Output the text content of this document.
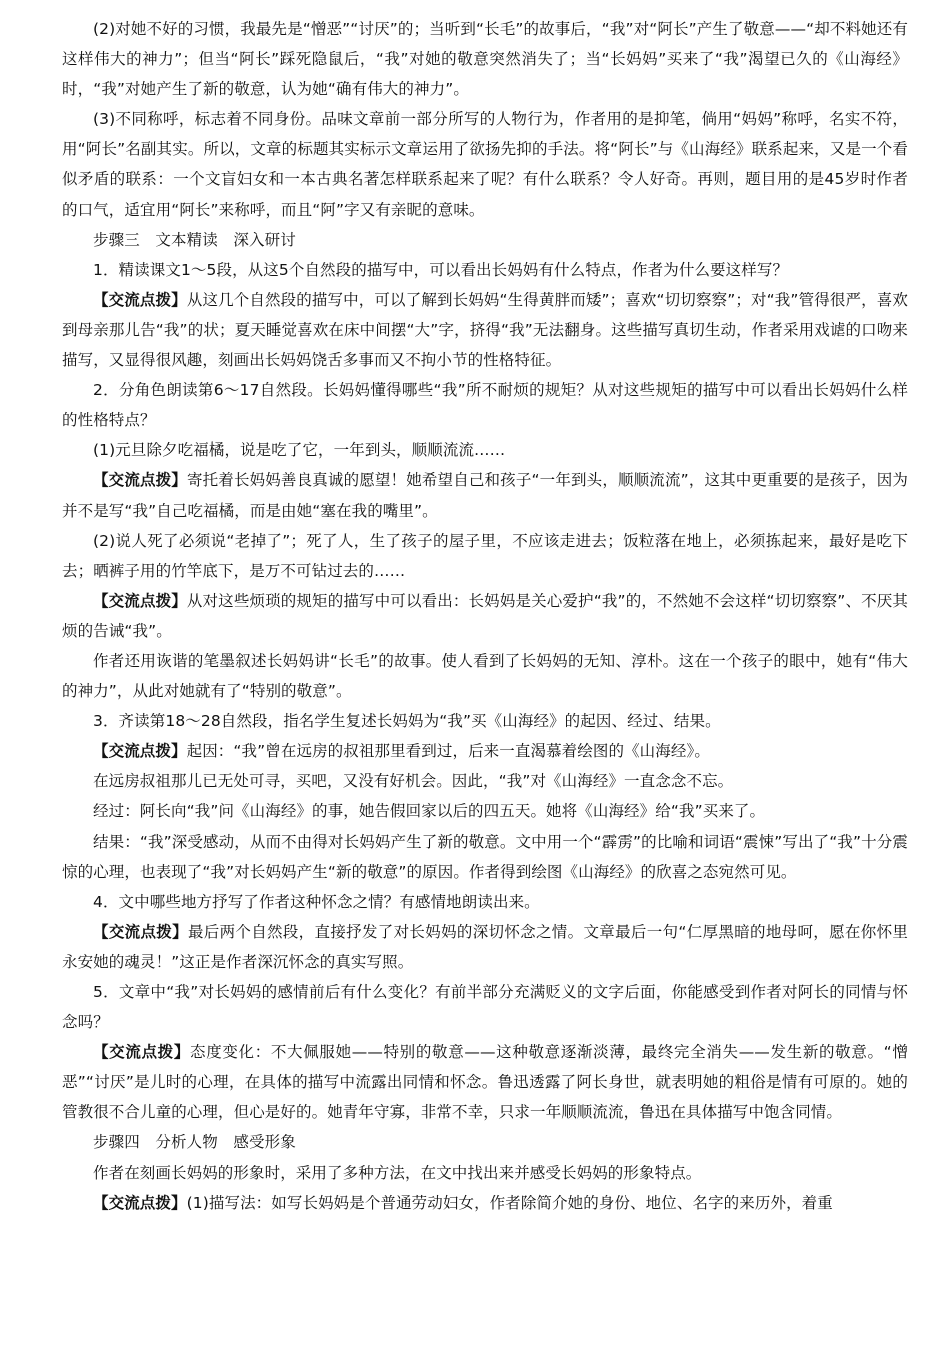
(2)对她不好的习惯，我最先是“憎恶”“讨厌”的；当听到“长毛”的故事后，“我”对“阿长”产生了敬意——“却不料她还有这样伟大的神力”；但当“阿长”踩死隐鼠后，“我”对她的敬意突然消失了；当“长妈妈”买来了“我”渴望已久的《山海经》时，“我”对她产生了新的敬意，认为她“确有伟大的神力”。

(3)不同称呼，标志着不同身份。品味文章前一部分所写的人物行为，作者用的是抑笔，倘用“妈妈”称呼，名实不符，用“阿长”名副其实。所以，文章的标题其实标示文章运用了欲扬先抑的手法。将“阿长”与《山海经》联系起来，又是一个看似矛盾的联系：一个文盲妇女和一本古典名著怎样联系起来了呢？有什么联系？令人好奇。再则，题目用的是45岁时作者的口气，适宜用“阿长”来称呼，而且“阿”字又有亲昵的意味。

步骤三　文本精读　深入研讨

1．精读课文1～5段，从这5个自然段的描写中，可以看出长妈妈有什么特点，作者为什么要这样写？

【交流点拨】从这几个自然段的描写中，可以了解到长妈妈“生得黄胖而矮”；喜欢“切切察察”；对“我”管得很严，喜欢到母亲那儿告“我”的状；夏天睡觉喜欢在床中间摆“大”字，挤得“我”无法翻身。这些描写真切生动，作者采用戏谑的口吻来描写，又显得很风趣，刻画出长妈妈饶舌多事而又不拘小节的性格特征。

2．分角色朗读第6～17自然段。长妈妈懂得哪些“我”所不耐烦的规矩？从对这些规矩的描写中可以看出长妈妈什么样的性格特点？

(1)元旦除夕吃福橘，说是吃了它，一年到头，顺顺流流……

【交流点拨】寄托着长妈妈善良真诚的愿望！她希望自己和孩子“一年到头，顺顺流流”，这其中更重要的是孩子，因为并不是写“我”自己吃福橘，而是由她“塞在我的嘴里”。

(2)说人死了必须说“老掉了”；死了人，生了孩子的屋子里，不应该走进去；饭粒落在地上，必须拣起来，最好是吃下去；晒裤子用的竹竿底下，是万不可钻过去的……

【交流点拨】从对这些烦琐的规矩的描写中可以看出：长妈妈是关心爱护“我”的，不然她不会这样“切切察察”、不厌其烦的告诫“我”。

作者还用诙谐的笔墨叙述长妈妈讲“长毛”的故事。使人看到了长妈妈的无知、淳朴。这在一个孩子的眼中，她有“伟大的神力”，从此对她就有了“特别的敬意”。

3．齐读第18～28自然段，指名学生复述长妈妈为“我”买《山海经》的起因、经过、结果。

【交流点拨】起因：“我”曾在远房的叔祖那里看到过，后来一直渴慕着绘图的《山海经》。

在远房叔祖那儿已无处可寻，买吧，又没有好机会。因此，“我”对《山海经》一直念念不忘。

经过：阿长向“我”问《山海经》的事，她告假回家以后的四五天。她将《山海经》给“我”买来了。

结果：“我”深受感动，从而不由得对长妈妈产生了新的敬意。文中用一个“霹雳”的比喻和词语“震悚”写出了“我”十分震惊的心理，也表现了“我”对长妈妈产生“新的敬意”的原因。作者得到绘图《山海经》的欣喜之态宛然可见。

4．文中哪些地方抒写了作者这种怀念之情？有感情地朗读出来。

【交流点拨】最后两个自然段，直接抒发了对长妈妈的深切怀念之情。文章最后一句“仁厚黑暗的地母呵，愿在你怀里永安她的魂灵！”这正是作者深沉怀念的真实写照。

5．文章中“我”对长妈妈的感情前后有什么变化？有前半部分充满贬义的文字后面，你能感受到作者对阿长的同情与怀念吗？

【交流点拨】态度变化：不大佩服她——特别的敬意——这种敬意逐渐淡薄，最终完全消失——发生新的敬意。“憎恶”“讨厌”是儿时的心理，在具体的描写中流露出同情和怀念。鲁迅透露了阿长身世，就表明她的粗俗是情有可原的。她的管教很不合儿童的心理，但心是好的。她青年守寡，非常不幸，只求一年顺顺流流，鲁迅在具体描写中饱含同情。

步骤四　分析人物　感受形象

作者在刻画长妈妈的形象时，采用了多种方法，在文中找出来并感受长妈妈的形象特点。

【交流点拨】(1)描写法：如写长妈妈是个普通劳动妇女，作者除简介她的身份、地位、名字的来历外，着重
